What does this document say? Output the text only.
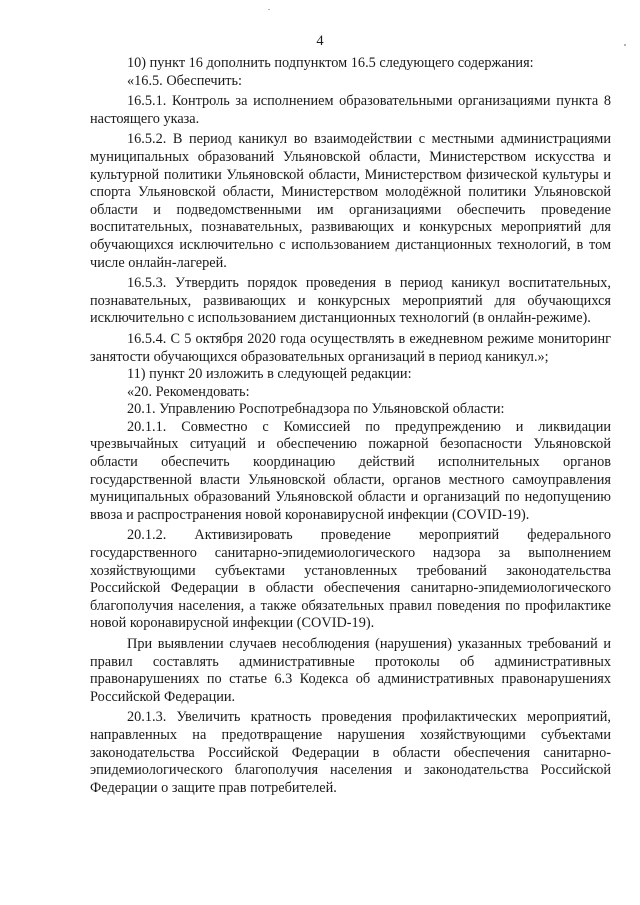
4

10) пункт 16 дополнить подпунктом 16.5 следующего содержания:

«16.5. Обеспечить:

16.5.1. Контроль за исполнением образовательными организациями пункта 8 настоящего указа.

16.5.2. В период каникул во взаимодействии с местными администрациями муниципальных образований Ульяновской области, Министерством искусства и культурной политики Ульяновской области, Министерством физической культуры и спорта Ульяновской области, Министерством молодёжной политики Ульяновской области и подведомственными им организациями обеспечить проведение воспитательных, познавательных, развивающих и конкурсных мероприятий для обучающихся исключительно с использованием дистанционных технологий, в том числе онлайн-лагерей.

16.5.3. Утвердить порядок проведения в период каникул воспитательных, познавательных, развивающих и конкурсных мероприятий для обучающихся исключительно с использованием дистанционных технологий (в онлайн-режиме).

16.5.4. С 5 октября 2020 года осуществлять в ежедневном режиме мониторинг занятости обучающихся образовательных организаций в период каникул.»;

11) пункт 20 изложить в следующей редакции:

«20. Рекомендовать:

20.1. Управлению Роспотребнадзора по Ульяновской области:

20.1.1. Совместно с Комиссией по предупреждению и ликвидации чрезвычайных ситуаций и обеспечению пожарной безопасности Ульяновской области обеспечить координацию действий исполнительных органов государственной власти Ульяновской области, органов местного самоуправления муниципальных образований Ульяновской области и организаций по недопущению ввоза и распространения новой коронавирусной инфекции (COVID-19).

20.1.2. Активизировать проведение мероприятий федерального государственного санитарно-эпидемиологического надзора за выполнением хозяйствующими субъектами установленных требований законодательства Российской Федерации в области обеспечения санитарно-эпидемиологического благополучия населения, а также обязательных правил поведения по профилактике новой коронавирусной инфекции (COVID-19).

При выявлении случаев несоблюдения (нарушения) указанных требований и правил составлять административные протоколы об административных правонарушениях по статье 6.3 Кодекса об административных правонарушениях Российской Федерации.

20.1.3. Увеличить кратность проведения профилактических мероприятий, направленных на предотвращение нарушения хозяйствующими субъектами законодательства Российской Федерации в области обеспечения санитарно-эпидемиологического благополучия населения и законодательства Российской Федерации о защите прав потребителей.
